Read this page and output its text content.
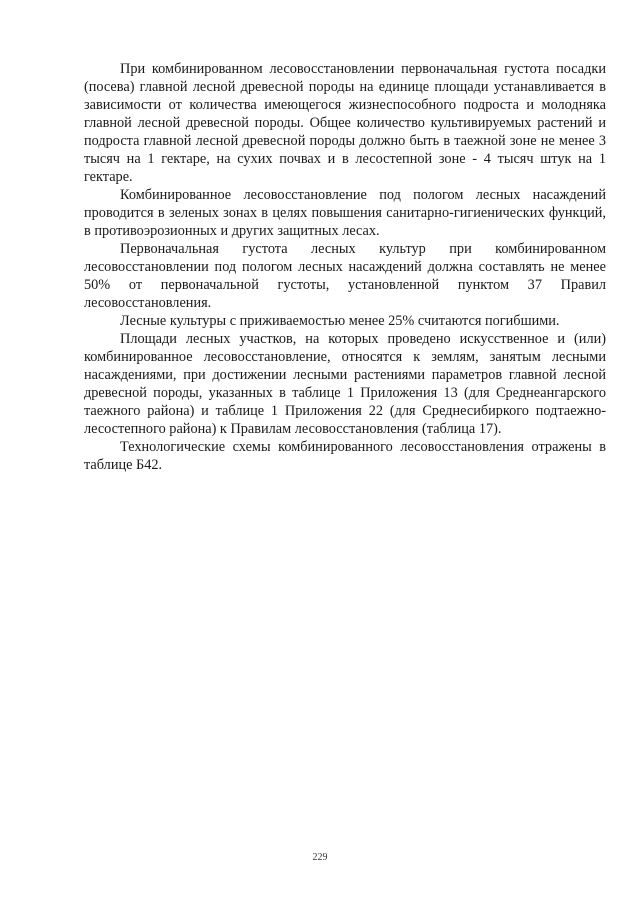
При комбинированном лесовосстановлении первоначальная густота посадки (посева) главной лесной древесной породы на единице площади устанавливается в зависимости от количества имеющегося жизнеспособного подроста и молодняка главной лесной древесной породы. Общее количество культивируемых растений и подроста главной лесной древесной породы должно быть в таежной зоне не менее 3 тысяч на 1 гектаре, на сухих почвах и в лесостепной зоне - 4 тысяч штук на 1 гектаре.

Комбинированное лесовосстановление под пологом лесных насаждений проводится в зеленых зонах в целях повышения санитарно-гигиенических функций, в противоэрозионных и других защитных лесах.

Первоначальная густота лесных культур при комбинированном лесовосстановлении под пологом лесных насаждений должна составлять не менее 50% от первоначальной густоты, установленной пунктом 37 Правил лесовосстановления.

Лесные культуры с приживаемостью менее 25% считаются погибшими.

Площади лесных участков, на которых проведено искусственное и (или) комбинированное лесовосстановление, относятся к землям, занятым лесными насаждениями, при достижении лесными растениями параметров главной лесной древесной породы, указанных в таблице 1 Приложения 13 (для Среднеангарского таежного района) и таблице 1 Приложения 22 (для Среднесибиркого подтаежно-лесостепного района) к Правилам лесовосстановления (таблица 17).

Технологические схемы комбинированного лесовосстановления отражены в таблице Б42.

229
